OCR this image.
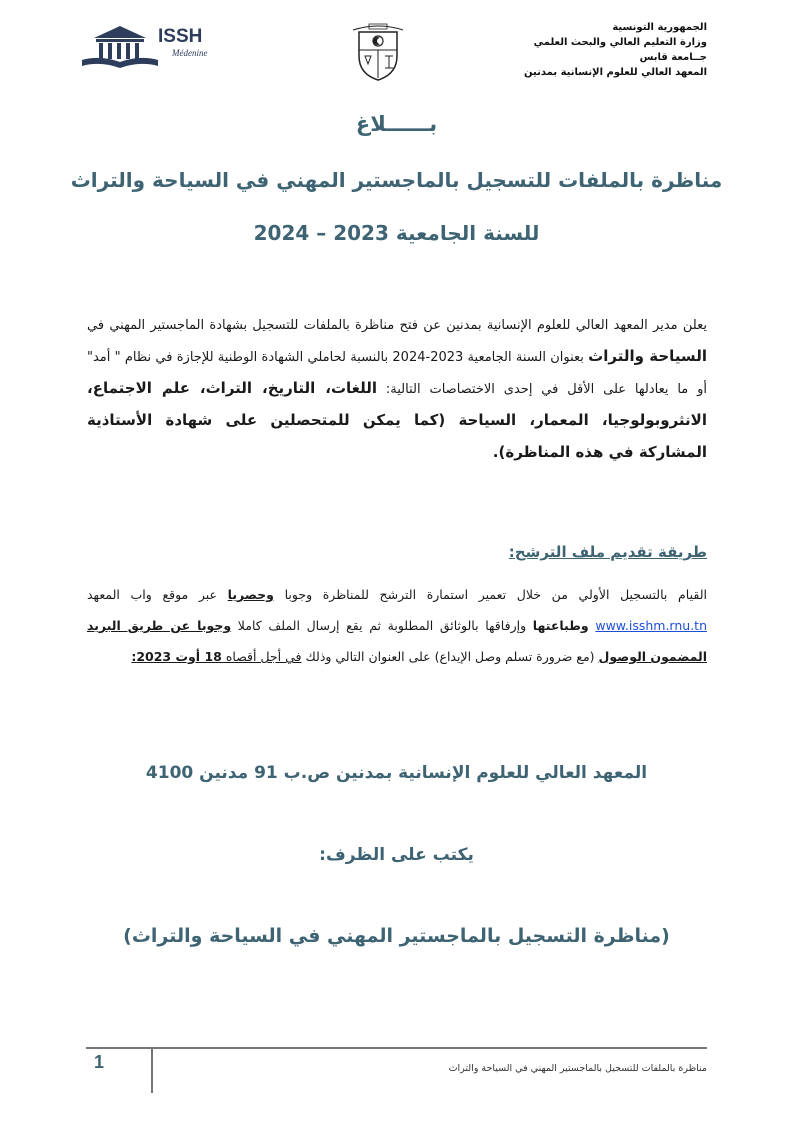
الجمهورية التونسية
وزارة التعليم العالي والبحث العلمي
جــامعة قابس
المعهد العالي للعلوم الإنسانية بمدنين
ISSH
Médenine
بــــــلاغ
مناظرة بالملفات للتسجيل بالماجستير المهني في السياحة والتراث
للسنة الجامعية 2023 – 2024

يعلن مدير المعهد العالي للعلوم الإنسانية بمدنين عن فتح مناظرة بالملفات للتسجيل بشهادة الماجستير المهني في السياحة والتراث بعنوان السنة الجامعية 2023-2024 بالنسبة لحاملي الشهادة الوطنية للإجازة في نظام " أمد" أو ما يعادلها على الأقل في إحدى الاختصاصات التالية: اللغات، التاريخ، التراث، علم الاجتماع، الانثروبولوجيا، المعمار، السياحة (كما يمكن للمتحصلين على شهادة الأستاذية المشاركة في هذه المناظرة).

طريقة تقديم ملف الترشح:

القيام بالتسجيل الأولي من خلال تعمير استمارة الترشح للمناظرة وجوبا وحصريا عبر موقع واب المعهد www.isshm.rnu.tn وطباعتها وإرفاقها بالوثائق المطلوبة ثم يقع إرسال الملف كاملا وجوبا عن طريق البريد المضمون الوصول (مع ضرورة تسلم وصل الإيداع) على العنوان التالي وذلك في أجل أقصاه 18 أوت 2023:

المعهد العالي للعلوم الإنسانية بمدنين ص.ب 91 مدنين 4100
يكتب على الظرف:
(مناظرة التسجيل بالماجستير المهني في السياحة والتراث)
1	مناظرة بالملفات للتسجيل بالماجستير المهني في السياحة والتراث
